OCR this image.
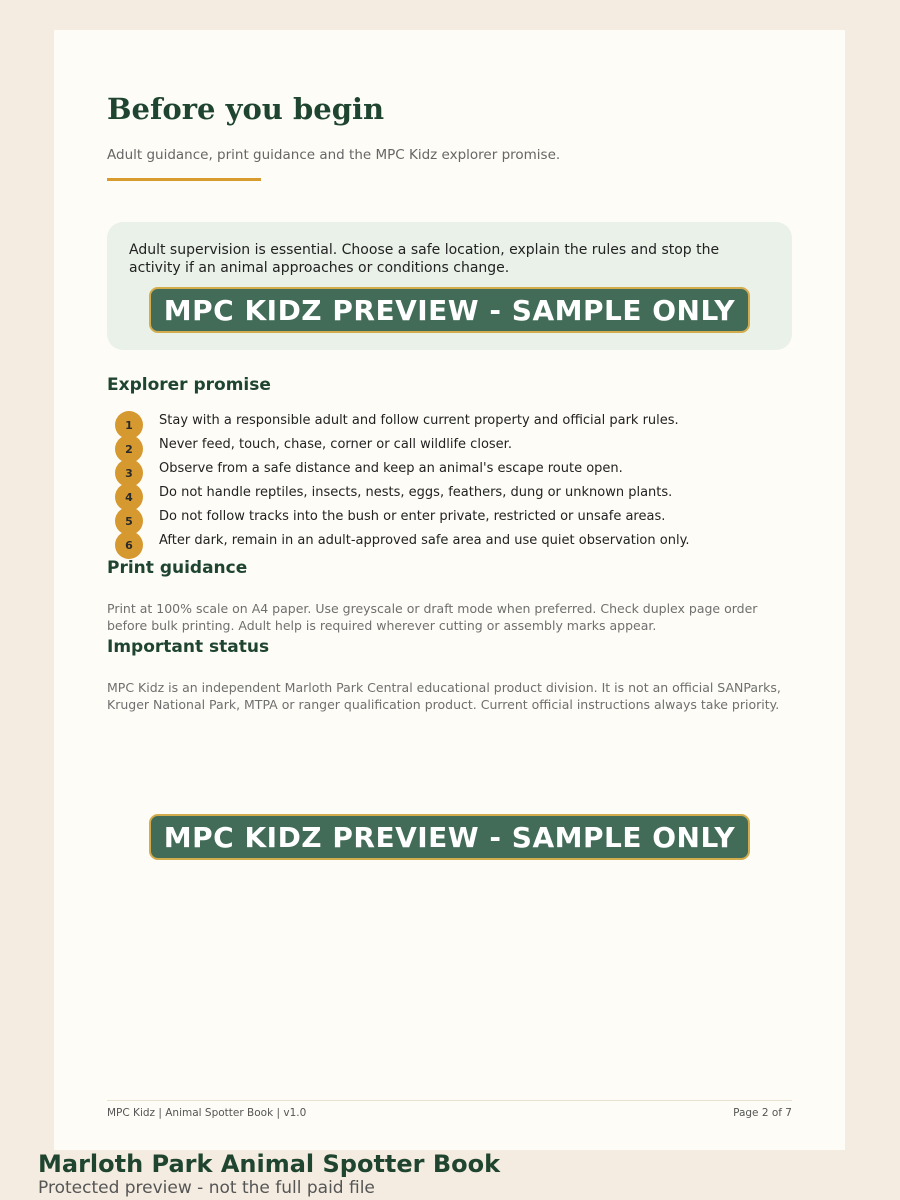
Before you begin

Adult guidance, print guidance and the MPC Kidz explorer promise.

Adult supervision is essential. Choose a safe location, explain the rules and stop the activity if an animal approaches or conditions change.

MPC KIDZ PREVIEW - SAMPLE ONLY
Explorer promise
1	Stay with a responsible adult and follow current property and official park rules.

2	Never feed, touch, chase, corner or call wildlife closer.

3	Observe from a safe distance and keep an animal's escape route open.

4	Do not handle reptiles, insects, nests, eggs, feathers, dung or unknown plants.

5	Do not follow tracks into the bush or enter private, restricted or unsafe areas.

6	After dark, remain in an adult-approved safe area and use quiet observation only.

Print guidance

Print at 100% scale on A4 paper. Use greyscale or draft mode when preferred. Check duplex page order before bulk printing. Adult help is required wherever cutting or assembly marks appear.

Important status

MPC Kidz is an independent Marloth Park Central educational product division. It is not an official SANParks, Kruger National Park, MTPA or ranger qualification product. Current official instructions always take priority.

MPC KIDZ PREVIEW - SAMPLE ONLY

MPC Kidz | Animal Spotter Book | v1.0	Page 2 of 7

Marloth Park Animal Spotter Book

Protected preview - not the full paid file
